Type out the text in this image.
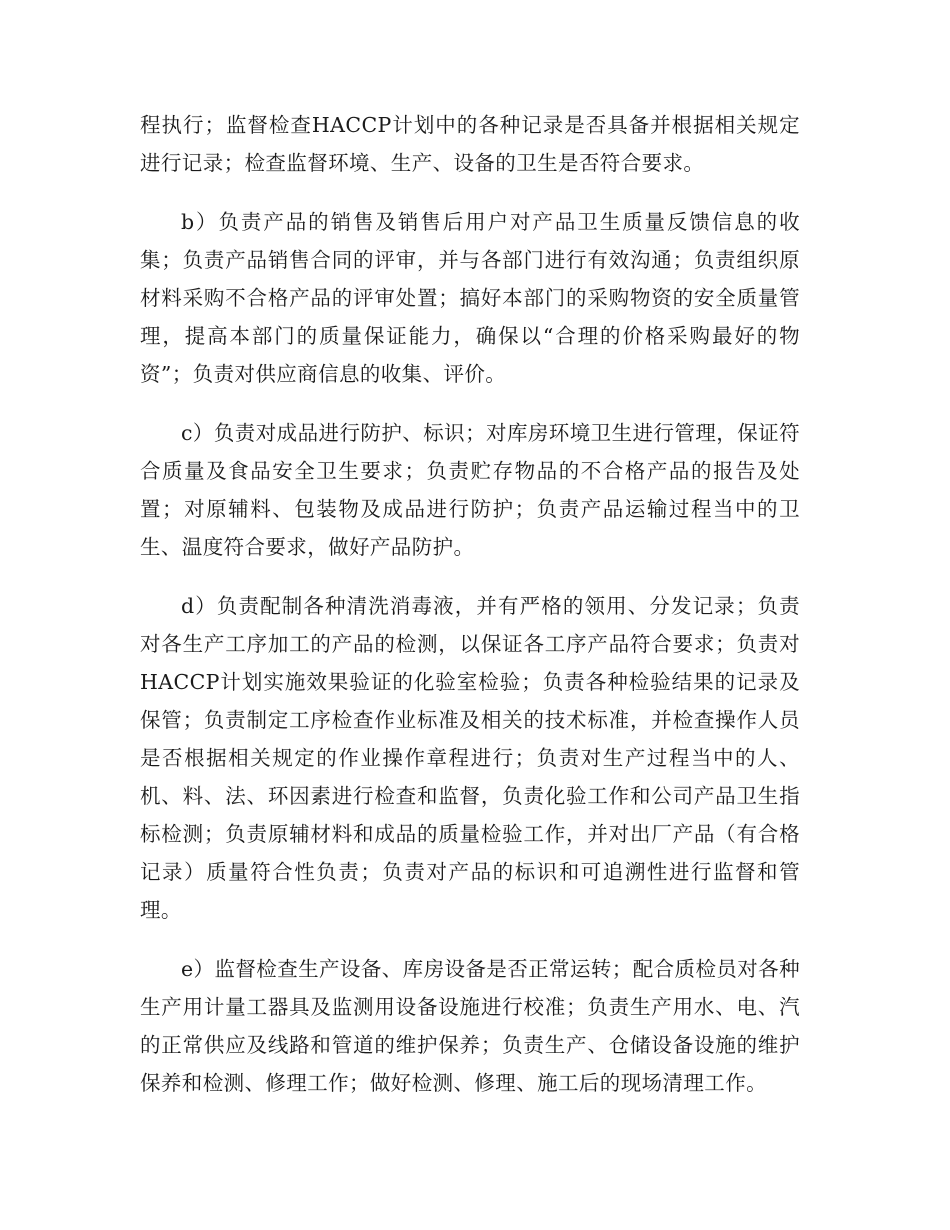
程执行；监督检查HACCP计划中的各种记录是否具备并根据相关规定进行记录；检查监督环境、生产、设备的卫生是否符合要求。

b）负责产品的销售及销售后用户对产品卫生质量反馈信息的收集；负责产品销售合同的评审，并与各部门进行有效沟通；负责组织原材料采购不合格产品的评审处置；搞好本部门的采购物资的安全质量管理，提高本部门的质量保证能力，确保以“合理的价格采购最好的物资”；负责对供应商信息的收集、评价。

c）负责对成品进行防护、标识；对库房环境卫生进行管理，保证符合质量及食品安全卫生要求；负责贮存物品的不合格产品的报告及处置；对原辅料、包装物及成品进行防护；负责产品运输过程当中的卫生、温度符合要求，做好产品防护。

d）负责配制各种清洗消毒液，并有严格的领用、分发记录；负责对各生产工序加工的产品的检测，以保证各工序产品符合要求；负责对HACCP计划实施效果验证的化验室检验；负责各种检验结果的记录及保管；负责制定工序检查作业标准及相关的技术标准，并检查操作人员是否根据相关规定的作业操作章程进行；负责对生产过程当中的人、机、料、法、环因素进行检查和监督，负责化验工作和公司产品卫生指标检测；负责原辅材料和成品的质量检验工作，并对出厂产品（有合格记录）质量符合性负责；负责对产品的标识和可追溯性进行监督和管理。

e）监督检查生产设备、库房设备是否正常运转；配合质检员对各种生产用计量工器具及监测用设备设施进行校准；负责生产用水、电、汽的正常供应及线路和管道的维护保养；负责生产、仓储设备设施的维护保养和检测、修理工作；做好检测、修理、施工后的现场清理工作。
